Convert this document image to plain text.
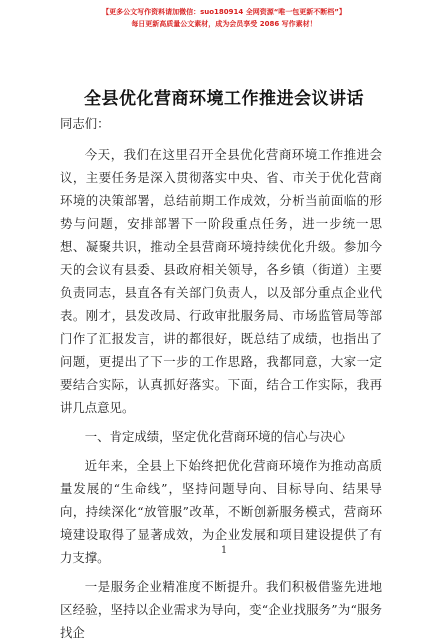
【更多公文写作资料请加微信：suo180914 全网资源“唯一包更新不断档”】
每日更新高质量公文素材，成为会员享受 2086 写作素材！
全县优化营商环境工作推进会议讲话

同志们：

今天，我们在这里召开全县优化营商环境工作推进会议，主要任务是深入贯彻落实中央、省、市关于优化营商环境的决策部署，总结前期工作成效，分析当前面临的形势与问题，安排部署下一阶段重点任务，进一步统一思想、凝聚共识，推动全县营商环境持续优化升级。参加今天的会议有县委、县政府相关领导，各乡镇（街道）主要负责同志，县直各有关部门负责人，以及部分重点企业代表。刚才，县发改局、行政审批服务局、市场监管局等部门作了汇报发言，讲的都很好，既总结了成绩，也指出了问题，更提出了下一步的工作思路，我都同意，大家一定要结合实际，认真抓好落实。下面，结合工作实际，我再讲几点意见。

一、肯定成绩，坚定优化营商环境的信心与决心

近年来，全县上下始终把优化营商环境作为推动高质量发展的“生命线”，坚持问题导向、目标导向、结果导向，持续深化“放管服”改革，不断创新服务模式，营商环境建设取得了显著成效，为企业发展和项目建设提供了有力支撑。

一是服务企业精准度不断提升。我们积极借鉴先进地区经验，坚持以企业需求为导向，变“企业找服务”为“服务找企

1
